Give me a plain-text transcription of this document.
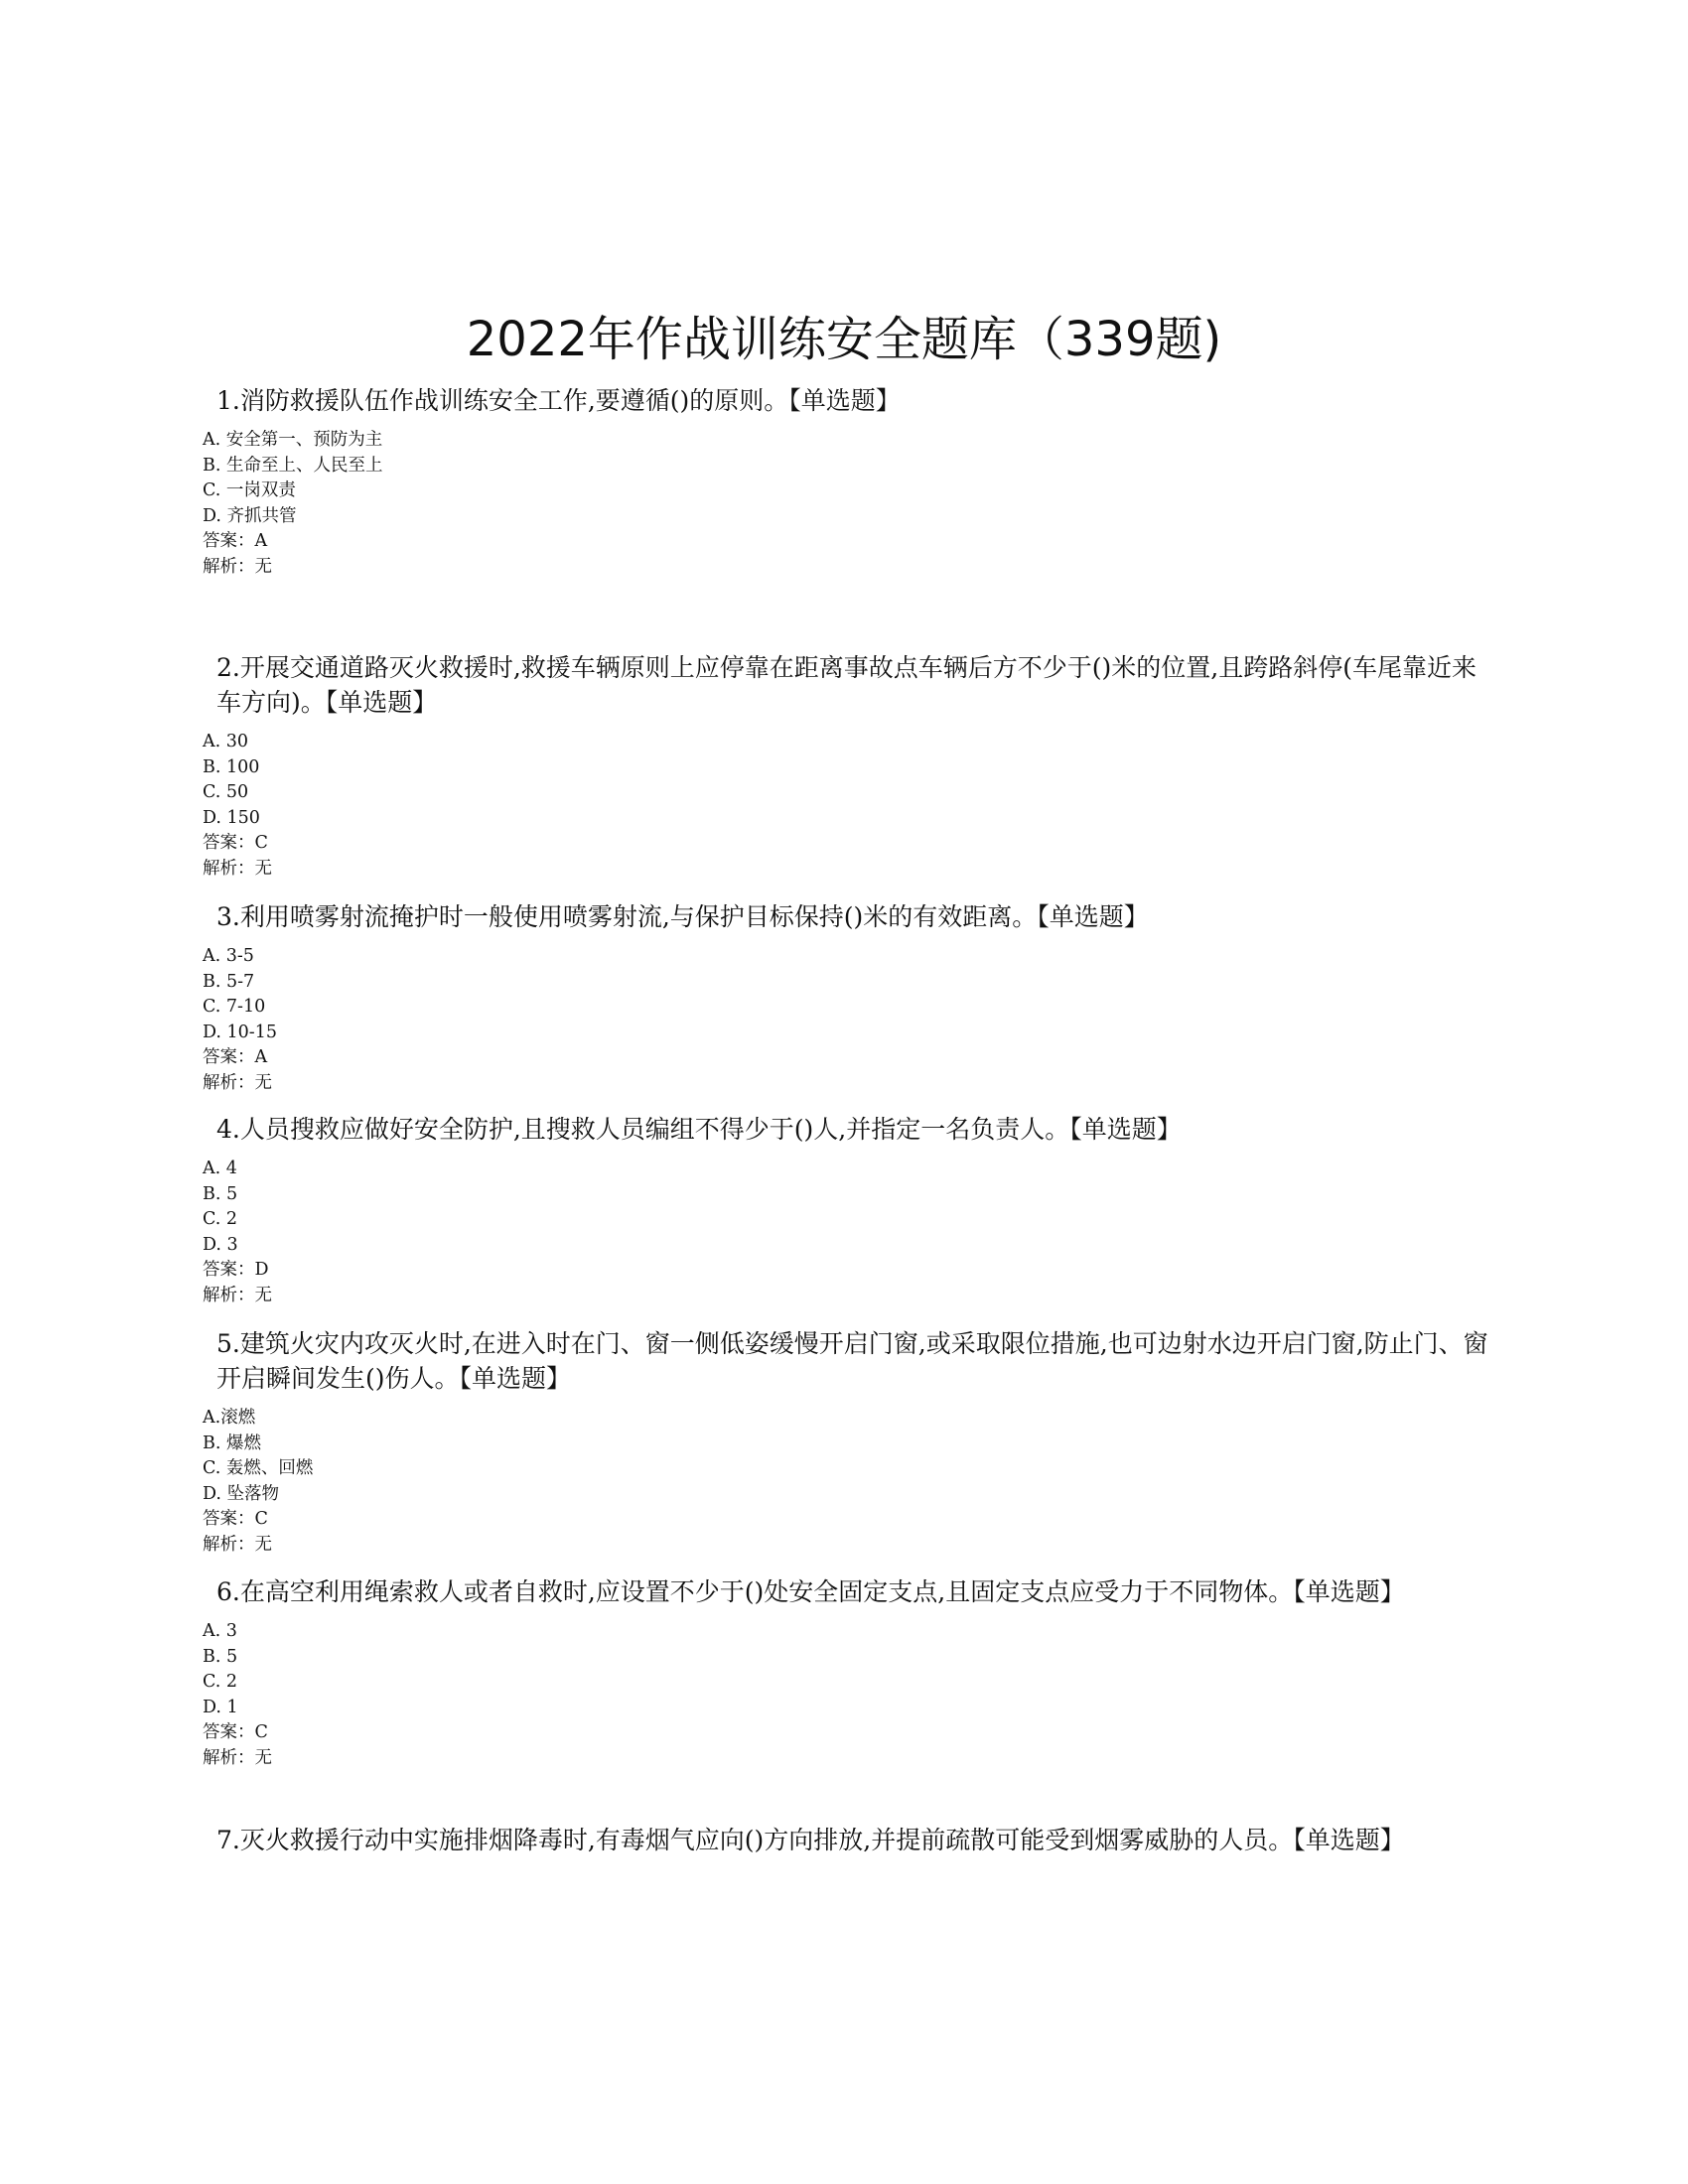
2022年作战训练安全题库（339题)
1.消防救援队伍作战训练安全工作,要遵循()的原则。【单选题】
A. 安全第一、预防为主
B. 生命至上、人民至上
C. 一岗双责
D. 齐抓共管
答案：A
解析：无
2.开展交通道路灭火救援时,救援车辆原则上应停靠在距离事故点车辆后方不少于()米的位置,且跨路斜停(车尾靠近来车方向)。【单选题】
A. 30
B. 100
C. 50
D. 150
答案：C
解析：无
3.利用喷雾射流掩护时一般使用喷雾射流,与保护目标保持()米的有效距离。【单选题】
A. 3-5
B. 5-7
C. 7-10
D. 10-15
答案：A
解析：无
4.人员搜救应做好安全防护,且搜救人员编组不得少于()人,并指定一名负责人。【单选题】
A. 4
B. 5
C. 2
D. 3
答案：D
解析：无
5.建筑火灾内攻灭火时,在进入时在门、窗一侧低姿缓慢开启门窗,或采取限位措施,也可边射水边开启门窗,防止门、窗开启瞬间发生()伤人。【单选题】
A.滚燃
B. 爆燃
C. 轰燃、回燃
D. 坠落物
答案：C
解析：无
6.在高空利用绳索救人或者自救时,应设置不少于()处安全固定支点,且固定支点应受力于不同物体。【单选题】
A. 3
B. 5
C. 2
D. 1
答案：C
解析：无
7.灭火救援行动中实施排烟降毒时,有毒烟气应向()方向排放,并提前疏散可能受到烟雾威胁的人员。【单选题】
